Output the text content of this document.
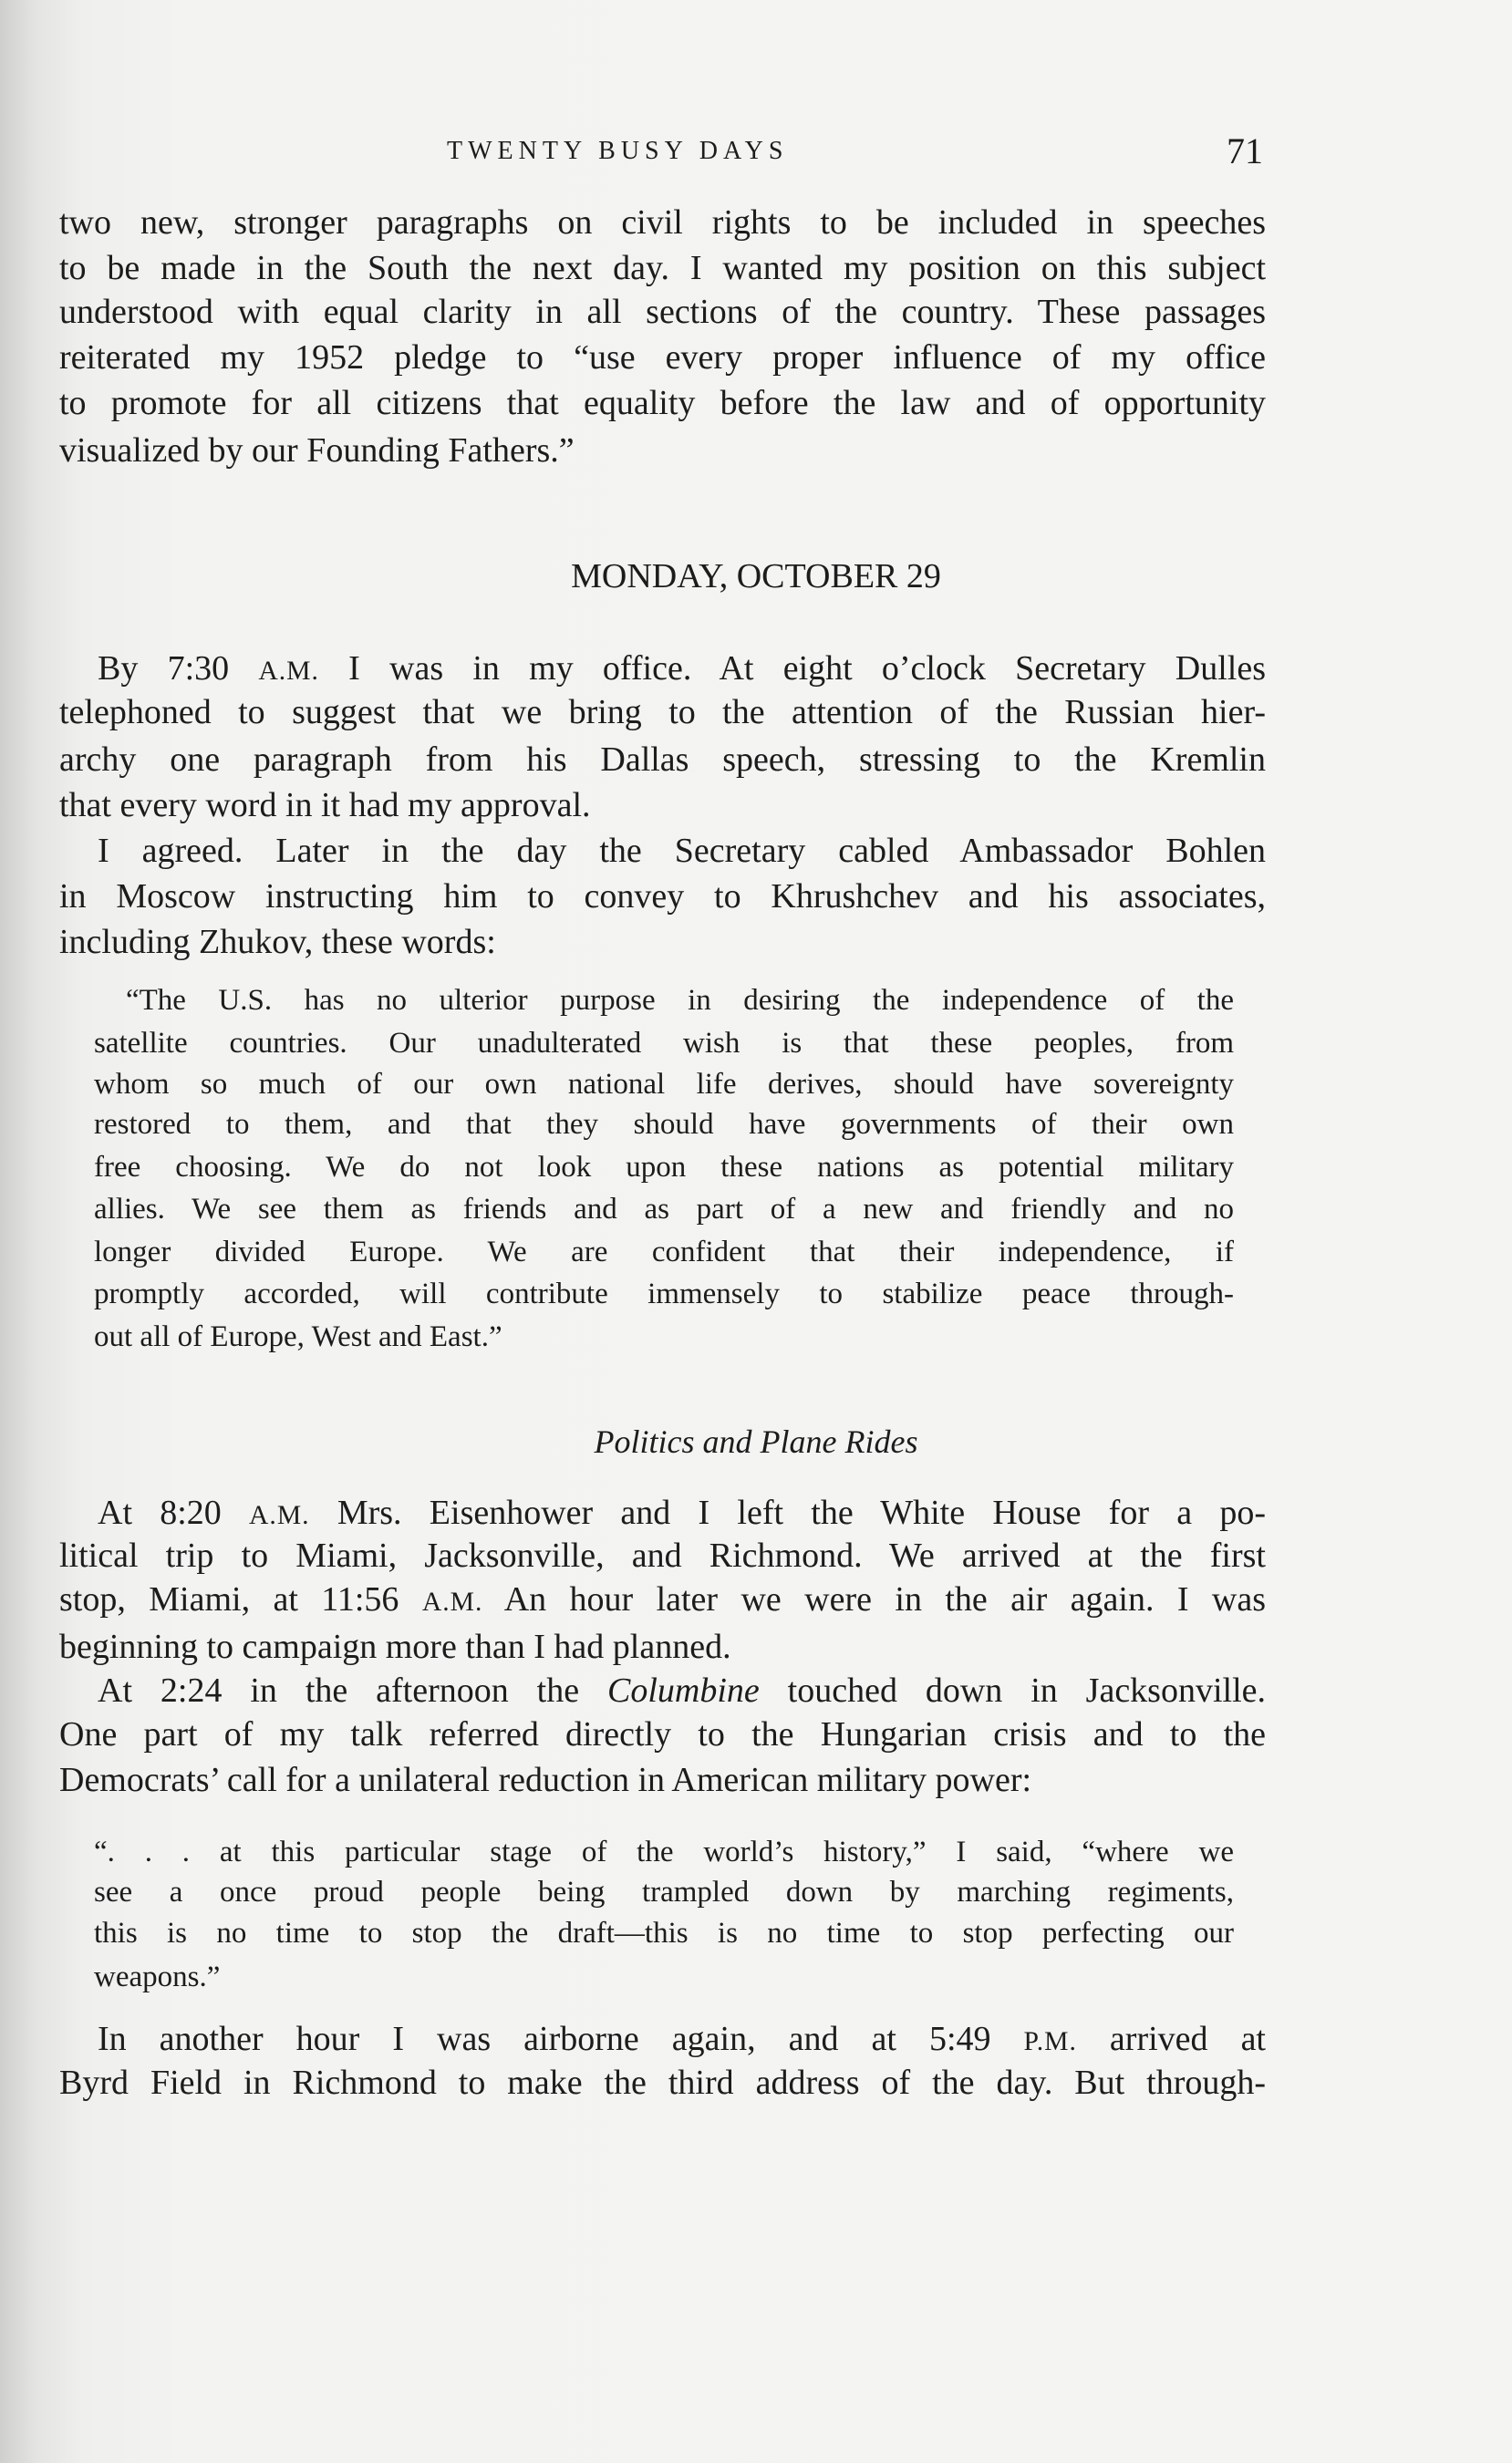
TWENTY BUSY DAYS	71
two new, stronger paragraphs on civil rights to be included in speeches
to be made in the South the next day. I wanted my position on this subject
understood with equal clarity in all sections of the country. These passages
reiterated my 1952 pledge to “use every proper influence of my office
to promote for all citizens that equality before the law and of opportunity
visualized by our Founding Fathers.”
MONDAY, OCTOBER 29
By 7:30 A.M. I was in my office. At eight o’clock Secretary Dulles
telephoned to suggest that we bring to the attention of the Russian hier-
archy one paragraph from his Dallas speech, stressing to the Kremlin
that every word in it had my approval.
I agreed. Later in the day the Secretary cabled Ambassador Bohlen
in Moscow instructing him to convey to Khrushchev and his associates,
including Zhukov, these words:
“The U.S. has no ulterior purpose in desiring the independence of the
satellite countries. Our unadulterated wish is that these peoples, from
whom so much of our own national life derives, should have sovereignty
restored to them, and that they should have governments of their own
free choosing. We do not look upon these nations as potential military
allies. We see them as friends and as part of a new and friendly and no
longer divided Europe. We are confident that their independence, if
promptly accorded, will contribute immensely to stabilize peace through-
out all of Europe, West and East.”
Politics and Plane Rides
At 8:20 A.M. Mrs. Eisenhower and I left the White House for a po-
litical trip to Miami, Jacksonville, and Richmond. We arrived at the first
stop, Miami, at 11:56 A.M. An hour later we were in the air again. I was
beginning to campaign more than I had planned.
At 2:24 in the afternoon the Columbine touched down in Jacksonville.
One part of my talk referred directly to the Hungarian crisis and to the
Democrats’ call for a unilateral reduction in American military power:
“. . . at this particular stage of the world’s history,” I said, “where we
see a once proud people being trampled down by marching regiments,
this is no time to stop the draft—this is no time to stop perfecting our
weapons.”
In another hour I was airborne again, and at 5:49 P.M. arrived at
Byrd Field in Richmond to make the third address of the day. But through-
